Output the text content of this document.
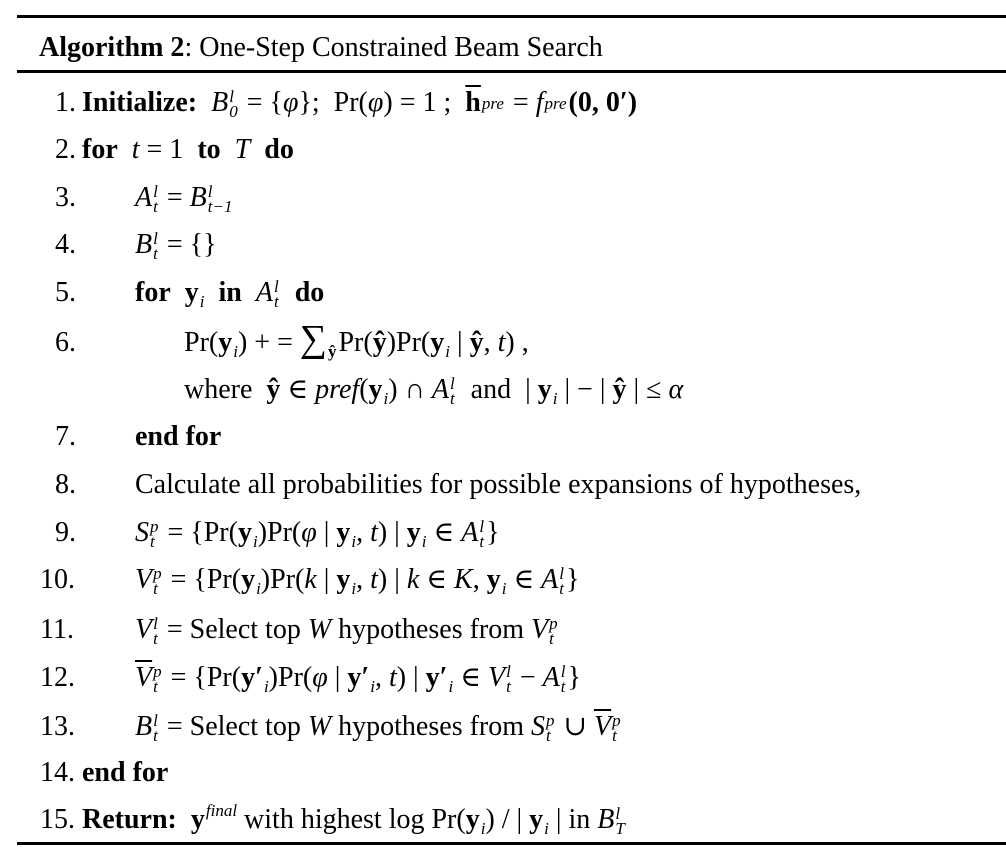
Algorithm 2: One-Step Constrained Beam Search
1. Initialize: B l
0 = {φ};  Pr(φ) = 1 ;  $\overline{h}$ pre = f pre (0, 0′)
2. for t = 1  to T do
3. A l
t = B l
t−1
4. B l
t = {}
5. for $y_i$ in A l
t do
6.	$Pr(y_i)$ + = ∑
ŷ $Pr(ŷ)Pr(y_i$ | ŷ, t) ,
where  ŷ ∈ $pref(y_i)$ ∩ A l
t and  | $y_i$ | − | ŷ | ≤ α
7. end for
8. Calculate all probabilities for possible expansions of hypotheses,
9. S p
$t = \{Pr(y_i)Pr(\varphi$ | $y_i$, t) | $y_i$ ∈ A l
t }
10. V p
$t = \{Pr(y_i)Pr(k$ | $y_i$, t) | k ∈ K, $y_i$ ∈ A l
t }
11. V l
t = Select top W hypotheses from V p
t
12. $\overline{V}$ p
$t = \{Pr(y'_i)Pr(\varphi$ | $y'_i$, t) | $y'_i$ ∈ V l
t − A l
t }
13. B l
t = Select top W hypotheses from S p
t ∪ $\overline{V}$ p
t
14. end for
15. Return: $y^{final}$ with highest $\log Pr(y_i)$ / | $y_i$ | in B l
T
